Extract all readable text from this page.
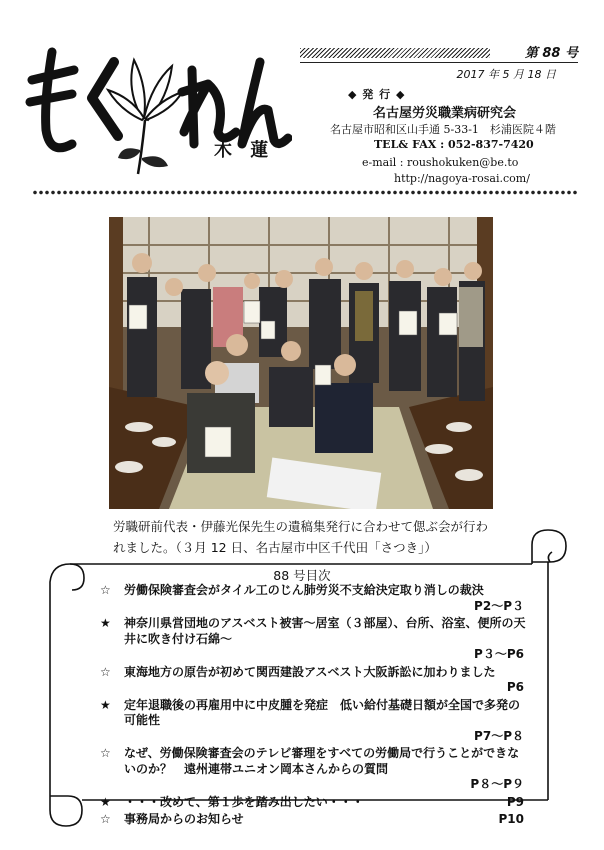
木 蓮
第 88 号
2017 年 5 月 18 日
◆ 発 行 ◆
名古屋労災職業病研究会
名古屋市昭和区山手通 5-33-1　杉浦医院４階
TEL& FAX : 052-837-7420
e-mail : roushokuken@be.to
http://nagoya-rosai.com/
労職研前代表・伊藤光保先生の遺稿集発行に合わせて偲ぶ会が行わ
れました。（３月 12 日、名古屋市中区千代田「さつき」）
88 号目次
☆ 労働保険審査会がタイル工のじん肺労災不支給決定取り消しの裁決
P2～P３
★ 神奈川県営団地のアスベスト被害～居室（３部屋）、台所、浴室、便所の天井に吹き付け石綿～
P３～P6
☆ 東海地方の原告が初めて関西建設アスベスト大阪訴訟に加わりました
P6
★ 定年退職後の再雇用中に中皮腫を発症　低い給付基礎日額が全国で多発の可能性
P7～P８
☆ なぜ、労働保険審査会のテレビ審理をすべての労働局で行うことができないのか？　遠州連帯ユニオン岡本さんからの質問
P８～P９
★	P9
・・・改めて、第１歩を踏み出したい・・・
☆	P10
事務局からのお知らせ
